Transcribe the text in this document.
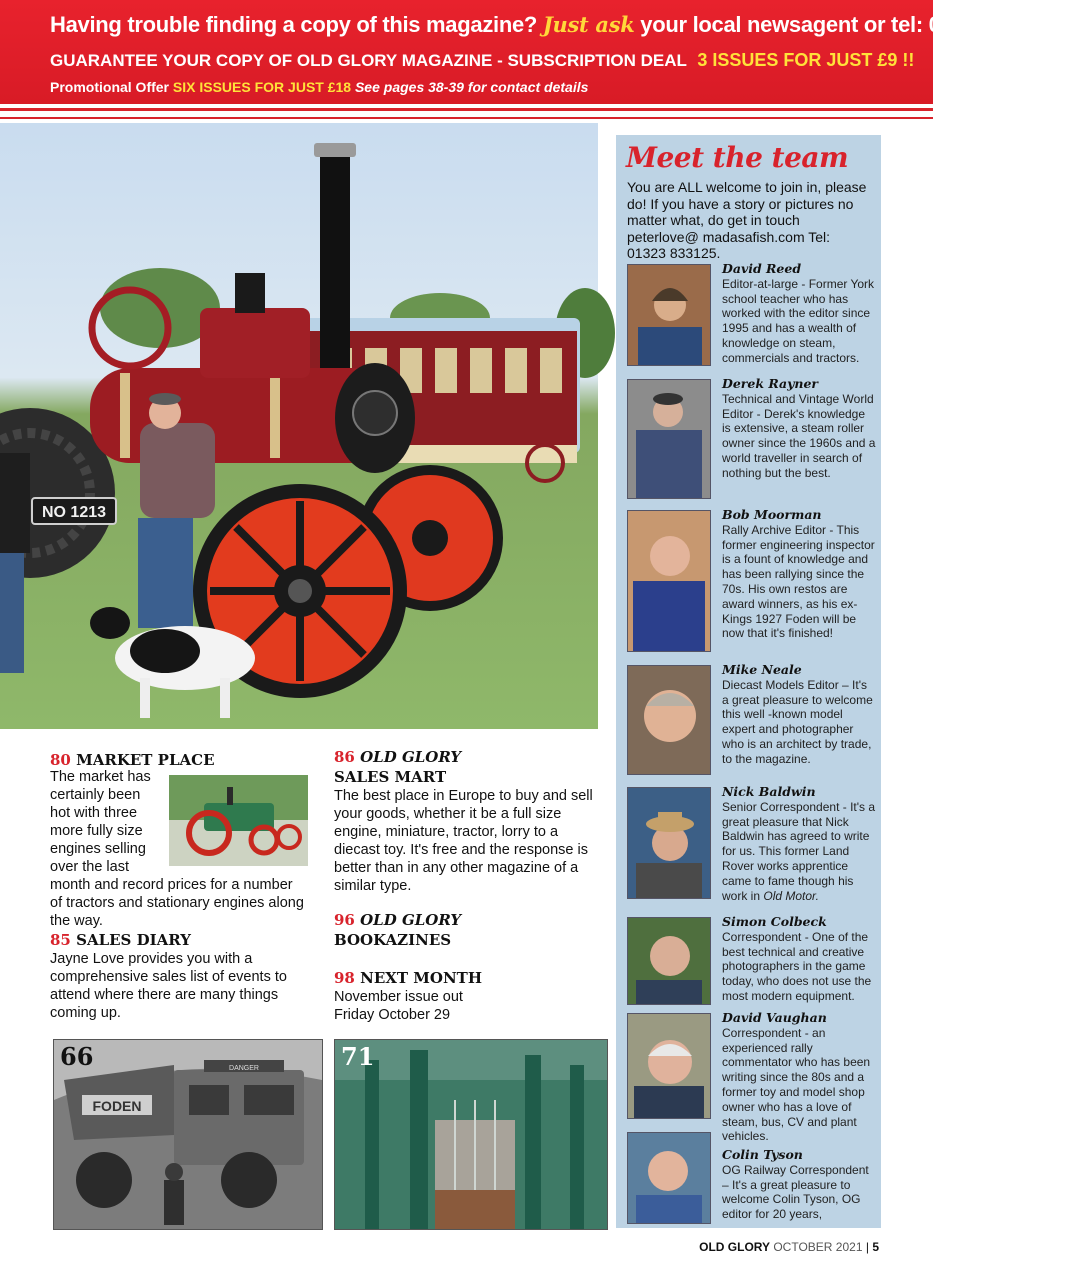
Having trouble finding a copy of this magazine? Just ask your local newsagent or tel: 01959 541444
GUARANTEE YOUR COPY OF OLD GLORY MAGAZINE - SUBSCRIPTION DEAL 3 ISSUES FOR JUST £9 !!
Promotional Offer SIX ISSUES FOR JUST £18 See pages 38-39 for contact details
NO 1213
80 MARKET PLACE
The market has certainly been hot with three more fully size engines selling over the last month and record prices for a number of tractors and stationary engines along the way.
85 SALES DIARY
Jayne Love provides you with a comprehensive sales list of events to attend where there are many things coming up.
86 OLD GLORY
SALES MART
The best place in Europe to buy and sell your goods, whether it be a full size engine, miniature, tractor, lorry to a diecast toy. It's free and the response is better than in any other magazine of a similar type.
96 OLD GLORY
BOOKAZINES
98 NEXT MONTH
November issue out
Friday October 29
FODEN
DANGER
66	71
Meet the team
You are ALL welcome to join in, please do! If you have a story or pictures no matter what, do get in touch peterlove@ madasafish.com Tel: 01323 833125.
David Reed
Editor-at-large - Former York school teacher who has worked with the editor since 1995 and has a wealth of knowledge on steam, commercials and tractors.
Derek Rayner
Technical and Vintage World Editor - Derek's knowledge is extensive, a steam roller owner since the 1960s and a world traveller in search of nothing but the best.
Bob Moorman
Rally Archive Editor - This former engineering inspector is a fount of knowledge and has been rallying since the 70s. His own restos are award winners, as his ex-Kings 1927 Foden will be now that it's finished!
Mike Neale
Diecast Models Editor – It's a great pleasure to welcome this well -known model expert and photographer who is an architect by trade, to the magazine.
Nick Baldwin
Senior Correspondent - It's a great pleasure that Nick Baldwin has agreed to write for us. This former Land Rover works apprentice came to fame though his work in Old Motor.
Simon Colbeck
Correspondent - One of the best technical and creative photographers in the game today, who does not use the most modern equipment.
David Vaughan
Correspondent - an experienced rally commentator who has been writing since the 80s and a former toy and model shop owner who has a love of steam, bus, CV and plant vehicles.
Colin Tyson
OG Railway Correspondent – It's a great pleasure to welcome Colin Tyson, OG editor for 20 years,
OLD GLORY OCTOBER 2021 | 5
